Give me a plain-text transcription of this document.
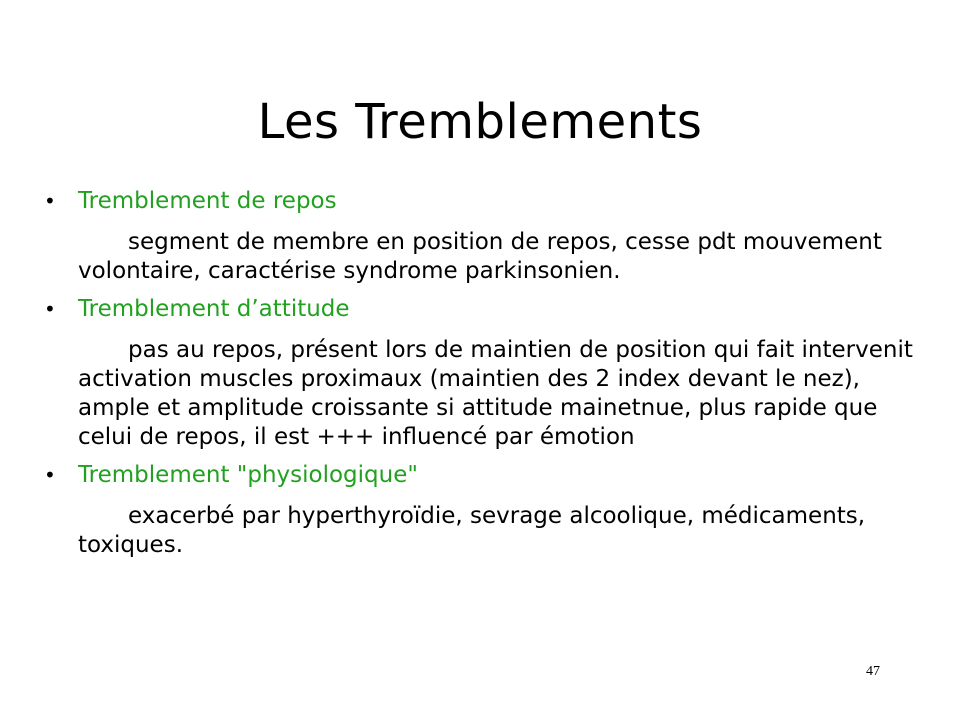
Les Tremblements
• Tremblement de repos
segment de membre en position de repos, cesse pdt mouvement volontaire, caractérise syndrome parkinsonien.
• Tremblement d’attitude
pas au repos, présent lors de maintien de position qui fait intervenit activation muscles proximaux (maintien des 2 index devant le nez), ample et amplitude croissante si attitude mainetnue, plus rapide que celui de repos, il est +++ influencé par émotion
• Tremblement "physiologique"
exacerbé par hyperthyroïdie, sevrage alcoolique, médicaments, toxiques.
47
